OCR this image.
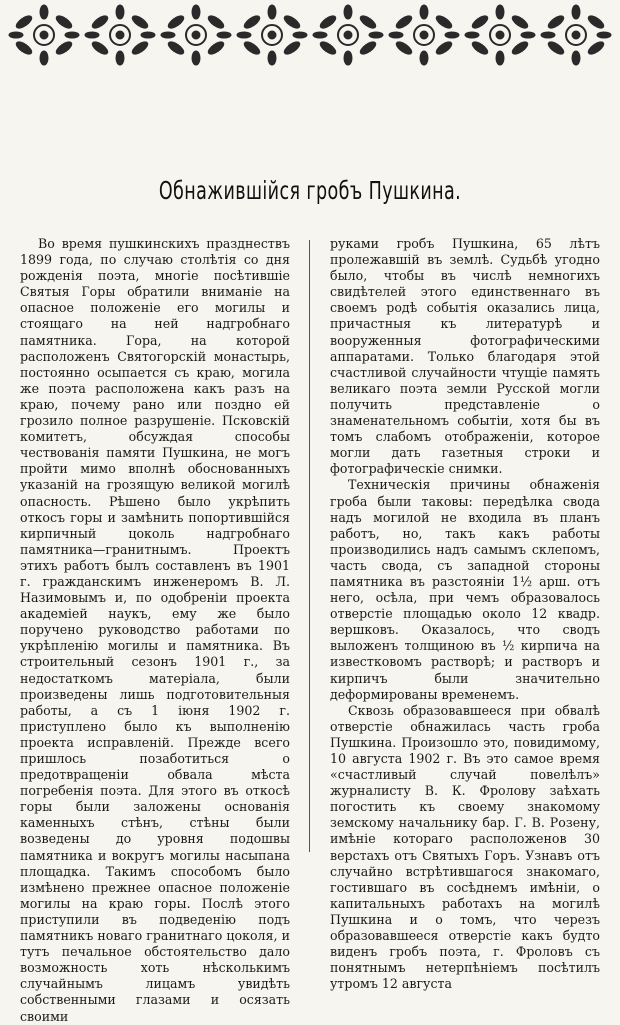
Обнажившiйся гробъ Пушкина.

Во время пушкинскихъ празднествъ 1899 года, по случаю столѣтiя со дня рожденiя поэта, многiе посѣтившiе Святыя Горы обратили вниманiе на опасное положенiе его могилы и стоящаго на ней надгробнаго памятника. Гора, на которой расположенъ Святогорскiй монастырь, постоянно осыпается съ краю, могила же поэта расположена какъ разъ на краю, почему рано или поздно ей грозило полное разрушенiе. Псковскiй комитетъ, обсуждая способы чествованiя памяти Пушкина, не могъ пройти мимо вполнѣ обоснованныхъ указанiй на грозящую великой могилѣ опасность. Рѣшено было укрѣпить откосъ горы и замѣнить попортившiйся кирпичный цоколь надгробнаго памятника—гранитнымъ. Проектъ этихъ работъ былъ составленъ въ 1901 г. гражданскимъ инженеромъ В. Л. Назимовымъ и, по одобренiи проекта академiей наукъ, ему же было поручено руководство работами по укрѣпленiю могилы и памятника. Въ строительный сезонъ 1901 г., за недостаткомъ матерiала, были произведены лишь подготовительныя работы, а съ 1 iюня 1902 г. приступлено было къ выполненiю проекта исправленiй. Прежде всего пришлось позаботиться о предотвращенiи обвала мѣста погребенiя поэта. Для этого въ откосѣ горы были заложены основанiя каменныхъ стѣнъ, стѣны были возведены до уровня подошвы памятника и вокругъ могилы насыпана площадка. Такимъ способомъ было измѣнено прежнее опасное положенiе могилы на краю горы. Послѣ этого приступили въ подведенiю подъ памятникъ новаго гранитнаго цоколя, и тутъ печальное обстоятельство дало возможность хоть нѣсколькимъ случайнымъ лицамъ увидѣть собственными глазами и осязать своими

руками гробъ Пушкина, 65 лѣтъ пролежавшiй въ землѣ. Судьбѣ угодно было, чтобы въ числѣ немногихъ свидѣтелей этого единственнаго въ своемъ родѣ событiя оказались лица, причастныя къ литературѣ и вооруженныя фотографическими аппаратами. Только благодаря этой счастливой случайности чтущiе память великаго поэта земли Русской могли получить представленiе о знаменательномъ событiи, хотя бы въ томъ слабомъ отображенiи, которое могли дать газетныя строки и фотографическiе снимки.

Техническiя причины обнаженiя гроба были таковы: передѣлка свода надъ могилой не входила въ планъ работъ, но, такъ какъ работы производились надъ самымъ склепомъ, часть свода, съ западной стороны памятника въ разстоянiи 1½ арш. отъ него, осѣла, при чемъ образовалось отверстiе площадью около 12 квадр. вершковъ. Оказалось, что сводъ выложенъ толщиною въ ½ кирпича на известковомъ растворѣ; и растворъ и кирпичъ были значительно деформированы временемъ.

Сквозь образовавшееся при обвалѣ отверстiе обнажилась часть гроба Пушкина. Произошло это, повидимому, 10 августа 1902 г. Въ это самое время «счастливый случай повелѣлъ» журналисту В. К. Фролову заѣхать погостить къ своему знакомому земскому начальнику бар. Г. В. Розену, имѣнiе котораго расположенов 30 верстахъ отъ Святыхъ Горъ. Узнавъ отъ случайно встрѣтившагося знакомаго, гостившаго въ сосѣднемъ имѣнiи, о капитальныхъ работахъ на могилѣ Пушкина и о томъ, что черезъ образовавшееся отверстiе какъ будто виденъ гробъ поэта, г. Фроловъ съ понятнымъ нетерпѣнiемъ посѣтилъ утромъ 12 августа
